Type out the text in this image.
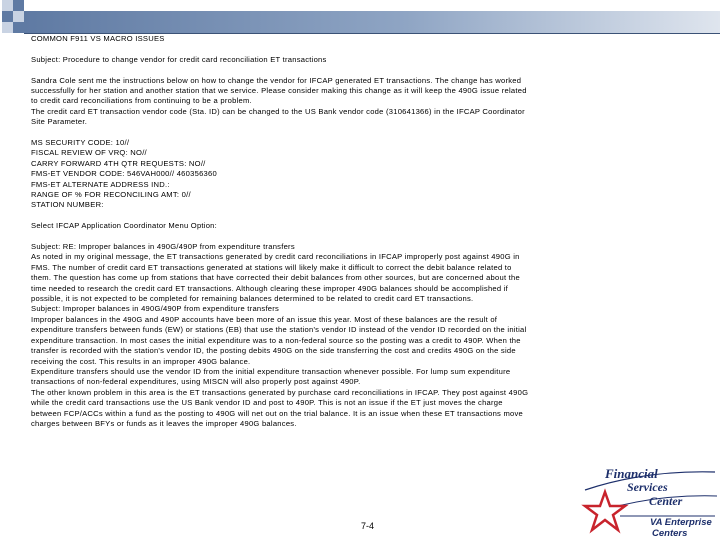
COMMON F911 VS MACRO ISSUES

Subject: Procedure to change vendor for credit card reconciliation ET transactions

Sandra Cole sent me the instructions below on how to change the vendor for IFCAP generated ET transactions. The change has worked

successfully for her station and another station that we service. Please consider making this change as it will keep the 490G issue related

to credit card reconciliations from continuing to be a problem.

The credit card ET transaction vendor code (Sta. ID) can be changed to the US Bank vendor code (310641366) in the IFCAP Coordinator

Site Parameter.

MS SECURITY CODE: 10//

FISCAL REVIEW OF VRQ: NO//

CARRY FORWARD 4TH QTR REQUESTS: NO//

FMS-ET VENDOR CODE: 546VAH000// 460356360

FMS-ET ALTERNATE ADDRESS IND.:

RANGE OF % FOR RECONCILING AMT: 0//

STATION NUMBER:

Select IFCAP Application Coordinator Menu Option:

Subject: RE: Improper balances in 490G/490P from expenditure transfers

As noted in my original message, the ET transactions generated by credit card reconciliations in IFCAP improperly post against 490G in

FMS. The number of credit card ET transactions generated at stations will likely make it difficult to correct the debit balance related to

them. The question has come up from stations that have corrected their debit balances from other sources, but are concerned about the

time needed to research the credit card ET transactions. Although clearing these improper 490G balances should be accomplished if

possible, it is not expected to be completed for remaining balances determined to be related to credit card ET transactions.

Subject: Improper balances in 490G/490P from expenditure transfers

Improper balances in the 490G and 490P accounts have been more of an issue this year. Most of these balances are the result of

expenditure transfers between funds (EW) or stations (EB) that use the station's vendor ID instead of the vendor ID recorded on the initial

expenditure transaction. In most cases the initial expenditure was to a non-federal source so the posting was a credit to 490P. When the

transfer is recorded with the station's vendor ID, the posting debits 490G on the side transferring the cost and credits 490G on the side

receiving the cost. This results in an improper 490G balance.

Expenditure transfers should use the vendor ID from the initial expenditure transaction whenever possible. For lump sum expenditure

transactions of non-federal expenditures, using MISCN will also properly post against 490P.

The other known problem in this area is the ET transactions generated by purchase card reconciliations in IFCAP. They post against 490G

while the credit card transactions use the US Bank vendor ID and post to 490P. This is not an issue if the ET just moves the charge

between FCP/ACCs within a fund as the posting to 490G will net out on the trial balance. It is an issue when these ET transactions move

charges between BFYs or funds as it leaves the improper 490G balances.

7-4
Financial
Services
Center
VA Enterprise
Centers
